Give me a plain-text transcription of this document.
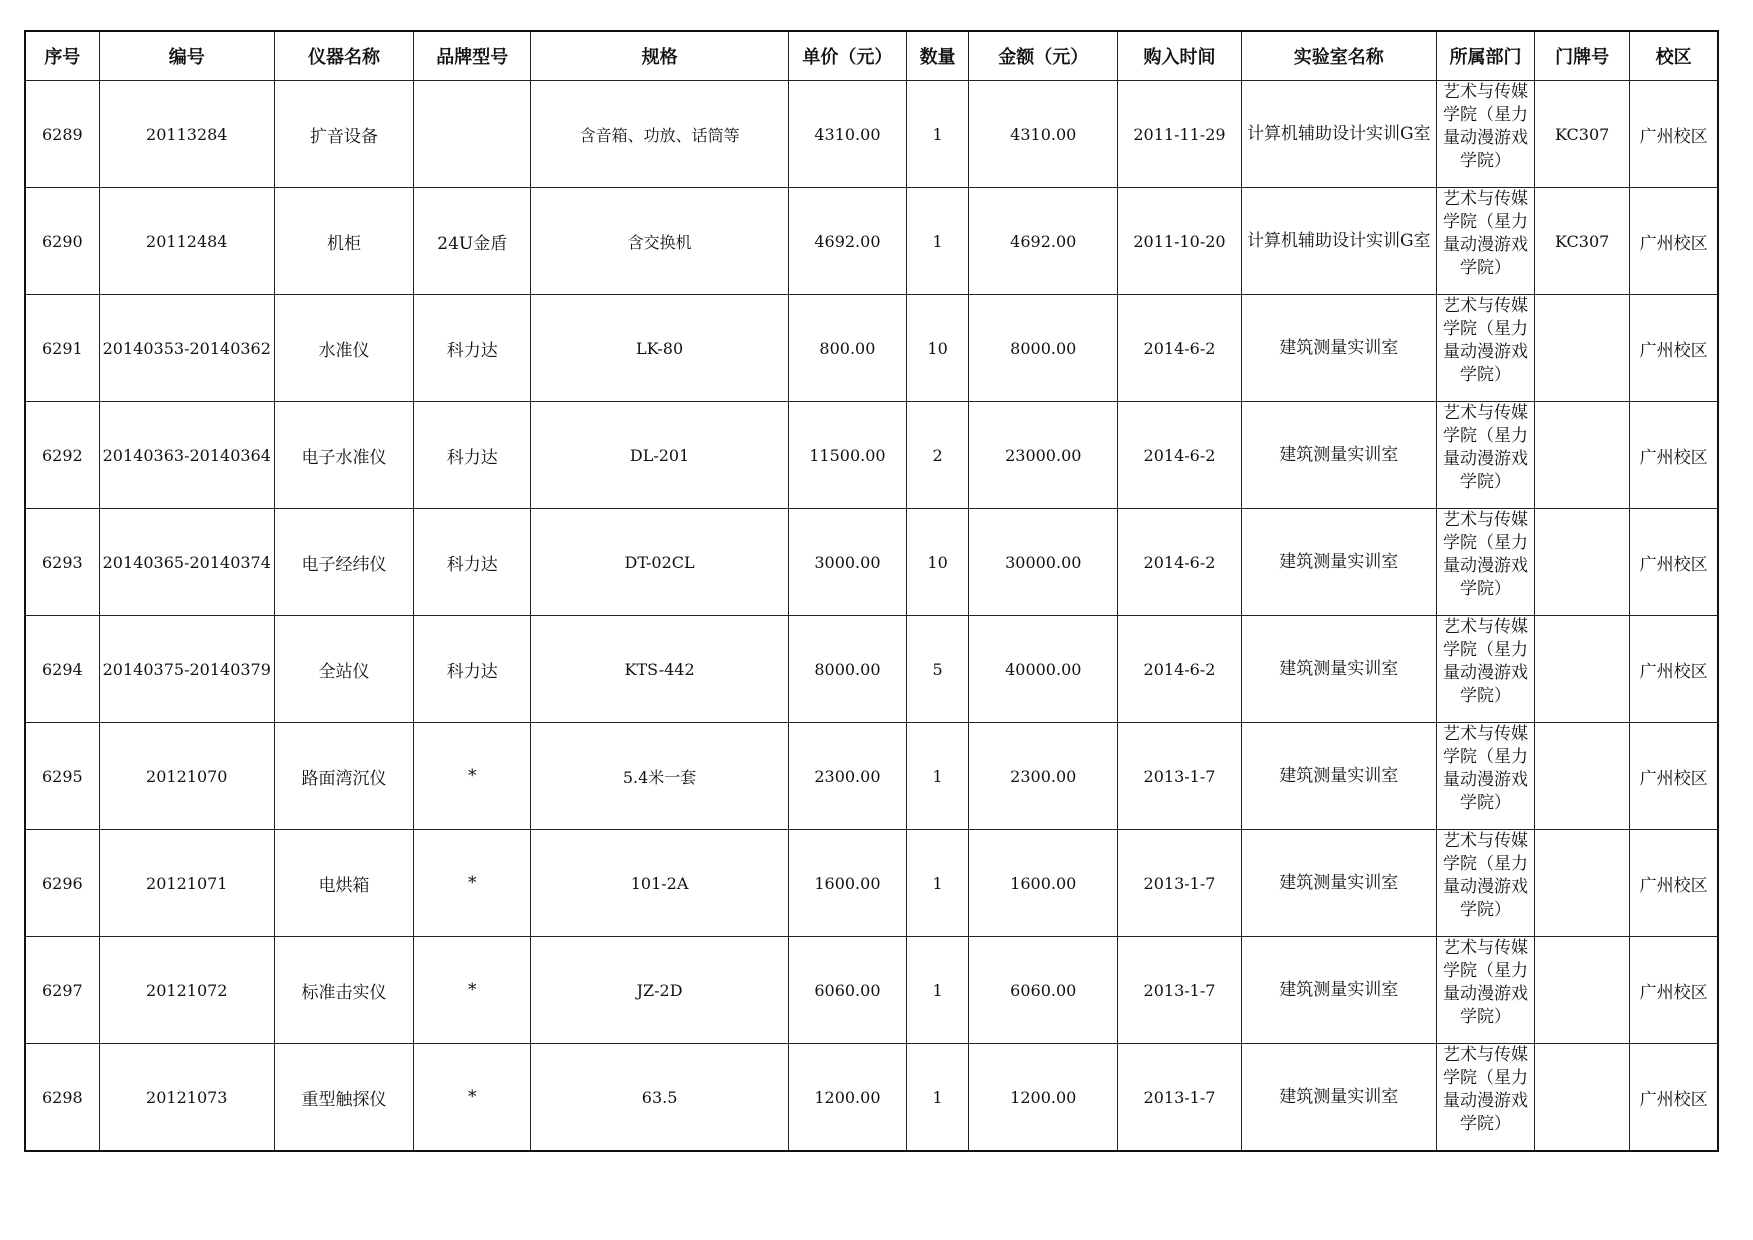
序号	编号	仪器名称	品牌型号	规格	单价（元）	数量	金额（元）	购入时间	实验室名称	所属部门	门牌号	校区
6289	20113284	扩音设备		含音箱、功放、话筒等	4310.00	1	4310.00	2011-11-29	计算机辅助设计实训G室	艺术与传媒学院（星力量动漫游戏学院）	KC307	广州校区
6290	20112484	机柜	24U金盾	含交换机	4692.00	1	4692.00	2011-10-20	计算机辅助设计实训G室	艺术与传媒学院（星力量动漫游戏学院）	KC307	广州校区
6291	20140353-20140362	水准仪	科力达	LK-80	800.00	10	8000.00	2014-6-2	建筑测量实训室	艺术与传媒学院（星力量动漫游戏学院）		广州校区
6292	20140363-20140364	电子水准仪	科力达	DL-201	11500.00	2	23000.00	2014-6-2	建筑测量实训室	艺术与传媒学院（星力量动漫游戏学院）		广州校区
6293	20140365-20140374	电子经纬仪	科力达	DT-02CL	3000.00	10	30000.00	2014-6-2	建筑测量实训室	艺术与传媒学院（星力量动漫游戏学院）		广州校区
6294	20140375-20140379	全站仪	科力达	KTS-442	8000.00	5	40000.00	2014-6-2	建筑测量实训室	艺术与传媒学院（星力量动漫游戏学院）		广州校区
6295	20121070	路面湾沉仪	*	5.4米一套	2300.00	1	2300.00	2013-1-7	建筑测量实训室	艺术与传媒学院（星力量动漫游戏学院）		广州校区
6296	20121071	电烘箱	*	101-2A	1600.00	1	1600.00	2013-1-7	建筑测量实训室	艺术与传媒学院（星力量动漫游戏学院）		广州校区
6297	20121072	标准击实仪	*	JZ-2D	6060.00	1	6060.00	2013-1-7	建筑测量实训室	艺术与传媒学院（星力量动漫游戏学院）		广州校区
6298	20121073	重型触探仪	*	63.5	1200.00	1	1200.00	2013-1-7	建筑测量实训室	艺术与传媒学院（星力量动漫游戏学院）		广州校区
